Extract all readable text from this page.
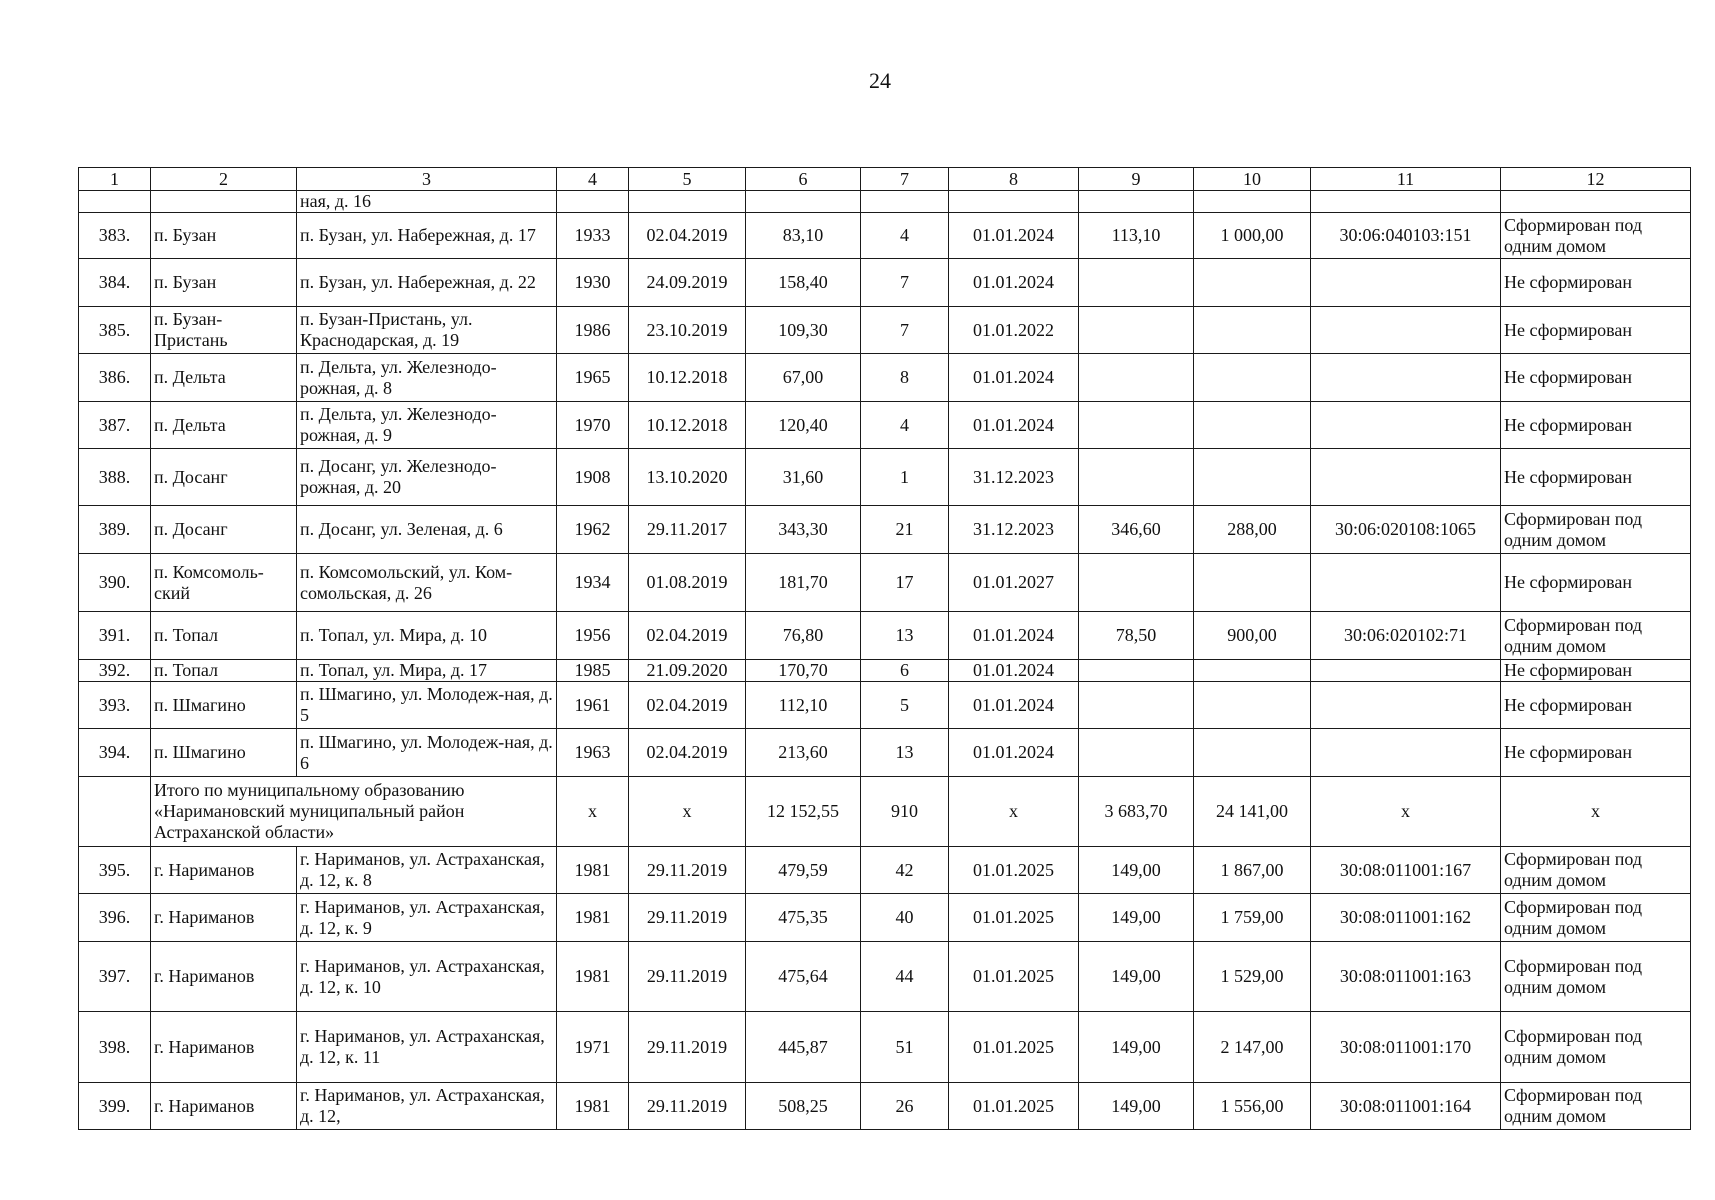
24
1	2	3	4	5	6	7	8	9	10	11	12
		ная, д. 16									
383.	п. Бузан	п. Бузан, ул. Набережная, д. 17	1933	02.04.2019	83,10	4	01.01.2024	113,10	1 000,00	30:06:040103:151	Сформирован под одним домом
384.	п. Бузан	п. Бузан, ул. Набережная, д. 22	1930	24.09.2019	158,40	7	01.01.2024				Не сформирован
385.	п. Бузан-Пристань	п. Бузан-Пристань, ул. Краснодарская, д. 19	1986	23.10.2019	109,30	7	01.01.2022				Не сформирован
386.	п. Дельта	п. Дельта, ул. Железнодо-рожная, д. 8	1965	10.12.2018	67,00	8	01.01.2024				Не сформирован
387.	п. Дельта	п. Дельта, ул. Железнодо-рожная, д. 9	1970	10.12.2018	120,40	4	01.01.2024				Не сформирован
388.	п. Досанг	п. Досанг, ул. Железнодо-рожная, д. 20	1908	13.10.2020	31,60	1	31.12.2023				Не сформирован
389.	п. Досанг	п. Досанг, ул. Зеленая, д. 6	1962	29.11.2017	343,30	21	31.12.2023	346,60	288,00	30:06:020108:1065	Сформирован под одним домом
390.	п. Комсомоль-ский	п. Комсомольский, ул. Ком-сомольская, д. 26	1934	01.08.2019	181,70	17	01.01.2027				Не сформирован
391.	п. Топал	п. Топал, ул. Мира, д. 10	1956	02.04.2019	76,80	13	01.01.2024	78,50	900,00	30:06:020102:71	Сформирован под одним домом
392.	п. Топал	п. Топал, ул. Мира, д. 17	1985	21.09.2020	170,70	6	01.01.2024				Не сформирован
393.	п. Шмагино	п. Шмагино, ул. Молодеж-ная, д. 5	1961	02.04.2019	112,10	5	01.01.2024				Не сформирован
394.	п. Шмагино	п. Шмагино, ул. Молодеж-ная, д. 6	1963	02.04.2019	213,60	13	01.01.2024				Не сформирован
	Итого по муниципальному образованию «Наримановский муниципальный район Астраханской области»		x	x	12 152,55	910	x	3 683,70	24 141,00	x	x
395.	г. Нариманов	г. Нариманов, ул. Астраханская, д. 12, к. 8	1981	29.11.2019	479,59	42	01.01.2025	149,00	1 867,00	30:08:011001:167	Сформирован под одним домом
396.	г. Нариманов	г. Нариманов, ул. Астраханская, д. 12, к. 9	1981	29.11.2019	475,35	40	01.01.2025	149,00	1 759,00	30:08:011001:162	Сформирован под одним домом
397.	г. Нариманов	г. Нариманов, ул. Астраханская, д. 12, к. 10	1981	29.11.2019	475,64	44	01.01.2025	149,00	1 529,00	30:08:011001:163	Сформирован под одним домом
398.	г. Нариманов	г. Нариманов, ул. Астраханская, д. 12, к. 11	1971	29.11.2019	445,87	51	01.01.2025	149,00	2 147,00	30:08:011001:170	Сформирован под одним домом
399.	г. Нариманов	г. Нариманов, ул. Астраханская, д. 12,	1981	29.11.2019	508,25	26	01.01.2025	149,00	1 556,00	30:08:011001:164	Сформирован под одним домом
